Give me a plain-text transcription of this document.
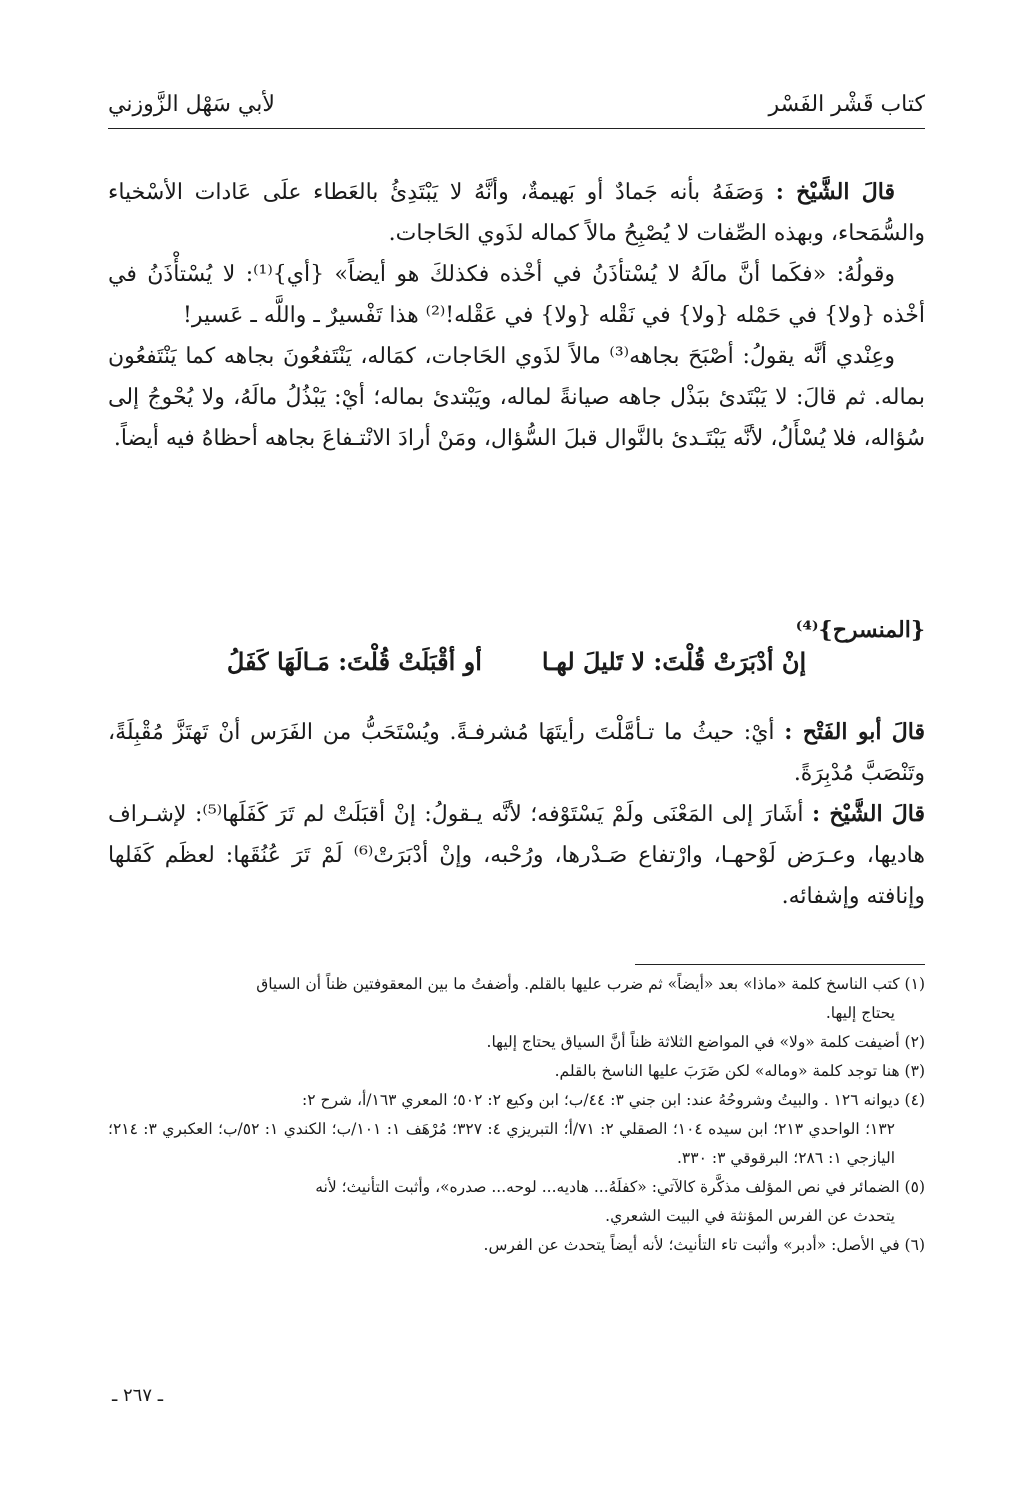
كتاب قَشْر الفَسْر
لأبي سَهْل الزَّوزني

قالَ الشَّيْخ : وَصَفَهُ بأنه جَمادٌ أو بَهيمةٌ، وأنَّهُ لا يَبْتَدِئُ بالعَطاء علَى عَادات الأسْخياء والسُّمَحاء، وبهذه الصِّفات لا يُصْبِحُ مالاً كماله لذَوي الحَاجات.

وقولُهُ: «فكَما أنَّ مالَهُ لا يُسْتأذَنُ في أخْذه فكذلكَ هو أيضاً» {أي}⁽¹⁾: لا يُسْتأْذَنُ في أخْذه {ولا} في حَمْله {ولا} في نَقْله {ولا} في عَقْله!⁽²⁾ هذا تَفْسيرٌ ـ واللَّه ـ عَسير!

وعِنْدي أنَّه يقولُ: أصْبَحَ بجاهه⁽³⁾ مالاً لذَوي الحَاجات، كمَاله، يَنْتَفعُونَ بجاهه كما يَنْتَفعُون بماله. ثم قالَ: لا يَبْتَدئ ببَذْل جاهه صيانةً لماله، ويَبْتدئ بماله؛ أيْ: يَبْذُلُ مالَهُ، ولا يُحْوجُ إلى سُؤاله، فلا يُسْأَلُ، لأنَّه يَبْتَـدئ بالنَّوال قبلَ السُّؤال، ومَنْ أرادَ الانْتـفاعَ بجاهه أحظاهُ فيه أيضاً.

{المنسرح}⁽⁴⁾
إنْ أدْبَرَتْ قُلْتَ: لا تَليلَ لهـا
أو أقْبَلَتْ قُلْتَ: مَـالَهَا كَفَلُ

قالَ أبو الفَتْح : أيْ: حيثُ ما تـأمَّلْتَ رأيتَهَا مُشرفـةً. ويُسْتَحَبُّ من الفَرَس أنْ تَهتَزَّ مُقْبِلَةً، وتَنْصَبَّ مُدْبِرَةً.

قالَ الشَّيْخ : أشَارَ إلى المَعْنَى ولَمْ يَسْتَوْفه؛ لأنَّه يـقولُ: إنْ أقبَلَتْ لم تَرَ كَفَلَها⁽⁵⁾: لإشـراف هاديها، وعـرَض لَوْحهـا، وارْتفاع صَـدْرها، ورُحْبه، وإنْ أدْبَرَتْ⁽⁶⁾ لَمْ تَرَ عُنُقَها: لعظَم كَفَلها وإنافته وإشفائه.

(١) كتب الناسخ كلمة «ماذا» بعد «أيضاً» ثم ضرب عليها بالقلم. وأضفتُ ما بين المعقوفتين ظناً أن السياق

يحتاج إليها.

(٢) أضيفت كلمة «ولا» في المواضع الثلاثة ظناً أنَّ السياق يحتاج إليها.

(٣) هنا توجد كلمة «وماله» لكن ضَرَبَ عليها الناسخ بالقلم.

(٤) ديوانه ١٢٦ . والبيتُ وشروحُهُ عند: ابن جني ٣: ٤٤/ب؛ ابن وكيع ٢: ٥٠٢؛ المعري ١٦٣/أ، شرح ٢:

١٣٢؛ الواحدي ٢١٣؛ ابن سيده ١٠٤؛ الصقلي ٢: ٧١/أ؛ التبريزي ٤: ٣٢٧؛ مُرْهَف ١: ١٠١/ب؛ الكندي ١: ٥٢/ب؛ العكبري ٣: ٢١٤؛ اليازجي ١: ٢٨٦؛ البرقوقي ٣: ٣٣٠.

(٥) الضمائر في نص المؤلف مذكَّرة كالآتي: «كفلَهُ... هاديه... لوحه... صدره»، وأثبت التأنيث؛ لأنه

يتحدث عن الفرس المؤنثة في البيت الشعري.

(٦) في الأصل: «أدبر» وأثبت تاء التأنيث؛ لأنه أيضاً يتحدث عن الفرس.

ـ ٢٦٧ ـ
